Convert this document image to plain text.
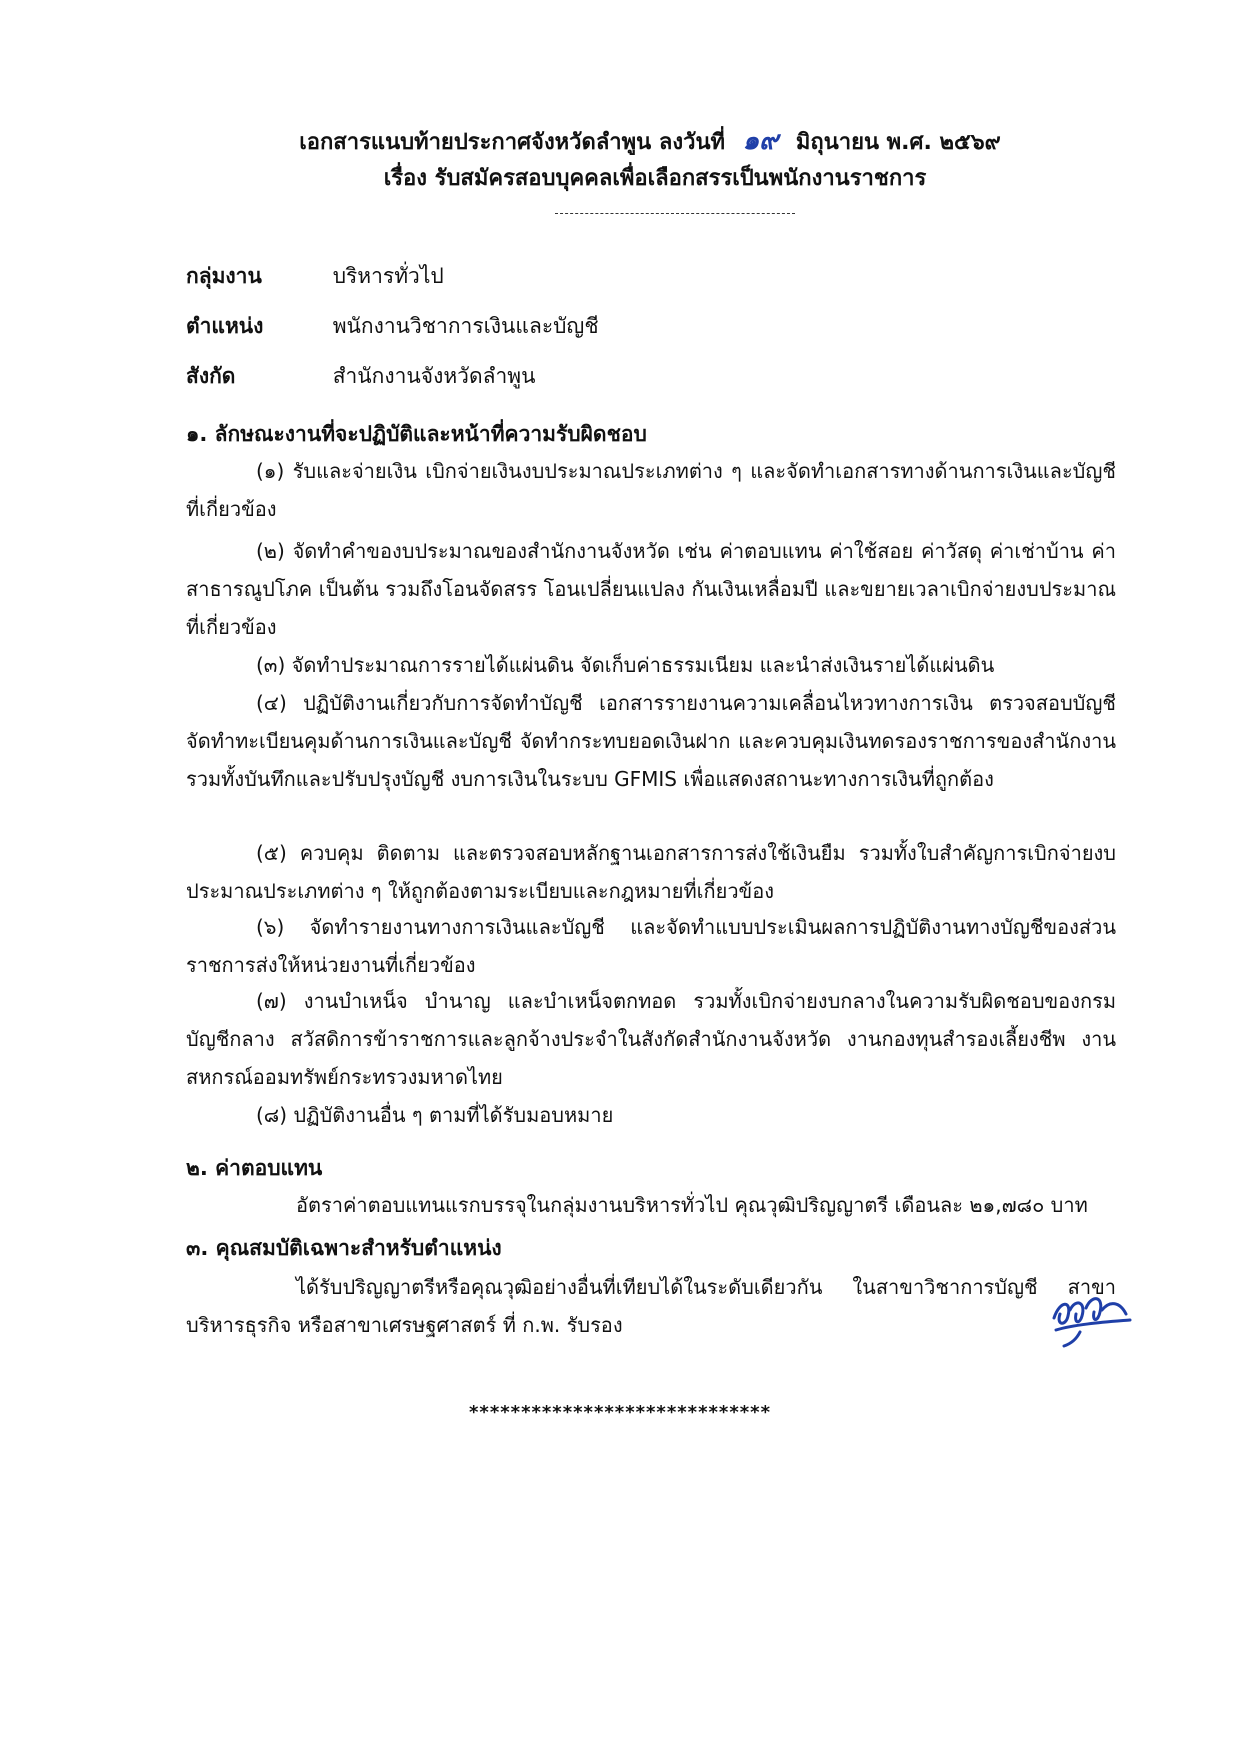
เอกสารแนบท้ายประกาศจังหวัดลำพูน ลงวันที่ ๑๙ มิถุนายน พ.ศ. ๒๕๖๙
เรื่อง รับสมัครสอบบุคคลเพื่อเลือกสรรเป็นพนักงานราชการ
กลุ่มงาน	บริหารทั่วไป
ตำแหน่ง	พนักงานวิชาการเงินและบัญชี
สังกัด	สำนักงานจังหวัดลำพูน
๑. ลักษณะงานที่จะปฏิบัติและหน้าที่ความรับผิดชอบ
(๑) รับและจ่ายเงิน เบิกจ่ายเงินงบประมาณประเภทต่าง ๆ และจัดทำเอกสารทางด้านการเงินและบัญชีที่เกี่ยวข้อง
(๒) จัดทำคำของบประมาณของสำนักงานจังหวัด เช่น ค่าตอบแทน ค่าใช้สอย ค่าวัสดุ ค่าเช่าบ้าน ค่าสาธารณูปโภค เป็นต้น รวมถึงโอนจัดสรร โอนเปลี่ยนแปลง กันเงินเหลื่อมปี และขยายเวลาเบิกจ่ายงบประมาณที่เกี่ยวข้อง
(๓) จัดทำประมาณการรายได้แผ่นดิน จัดเก็บค่าธรรมเนียม และนำส่งเงินรายได้แผ่นดิน
(๔) ปฏิบัติงานเกี่ยวกับการจัดทำบัญชี เอกสารรายงานความเคลื่อนไหวทางการเงิน ตรวจสอบบัญชี จัดทำทะเบียนคุมด้านการเงินและบัญชี จัดทำกระทบยอดเงินฝาก และควบคุมเงินทดรองราชการของสำนักงาน รวมทั้งบันทึกและปรับปรุงบัญชี งบการเงินในระบบ GFMIS เพื่อแสดงสถานะทางการเงินที่ถูกต้อง
(๕) ควบคุม ติดตาม และตรวจสอบหลักฐานเอกสารการส่งใช้เงินยืม รวมทั้งใบสำคัญการเบิกจ่ายงบประมาณประเภทต่าง ๆ ให้ถูกต้องตามระเบียบและกฎหมายที่เกี่ยวข้อง
(๖) จัดทำรายงานทางการเงินและบัญชี และจัดทำแบบประเมินผลการปฏิบัติงานทางบัญชีของส่วนราชการส่งให้หน่วยงานที่เกี่ยวข้อง
(๗) งานบำเหน็จ บำนาญ และบำเหน็จตกทอด รวมทั้งเบิกจ่ายงบกลางในความรับผิดชอบของกรมบัญชีกลาง สวัสดิการข้าราชการและลูกจ้างประจำในสังกัดสำนักงานจังหวัด งานกองทุนสำรองเลี้ยงชีพ งานสหกรณ์ออมทรัพย์กระทรวงมหาดไทย
(๘) ปฏิบัติงานอื่น ๆ ตามที่ได้รับมอบหมาย
๒. ค่าตอบแทน
อัตราค่าตอบแทนแรกบรรจุในกลุ่มงานบริหารทั่วไป คุณวุฒิปริญญาตรี เดือนละ ๒๑,๗๘๐ บาท
๓. คุณสมบัติเฉพาะสำหรับตำแหน่ง
ได้รับปริญญาตรีหรือคุณวุฒิอย่างอื่นที่เทียบได้ในระดับเดียวกัน ในสาขาวิชาการบัญชี สาขาบริหารธุรกิจ หรือสาขาเศรษฐศาสตร์ ที่ ก.พ. รับรอง
*****************************
